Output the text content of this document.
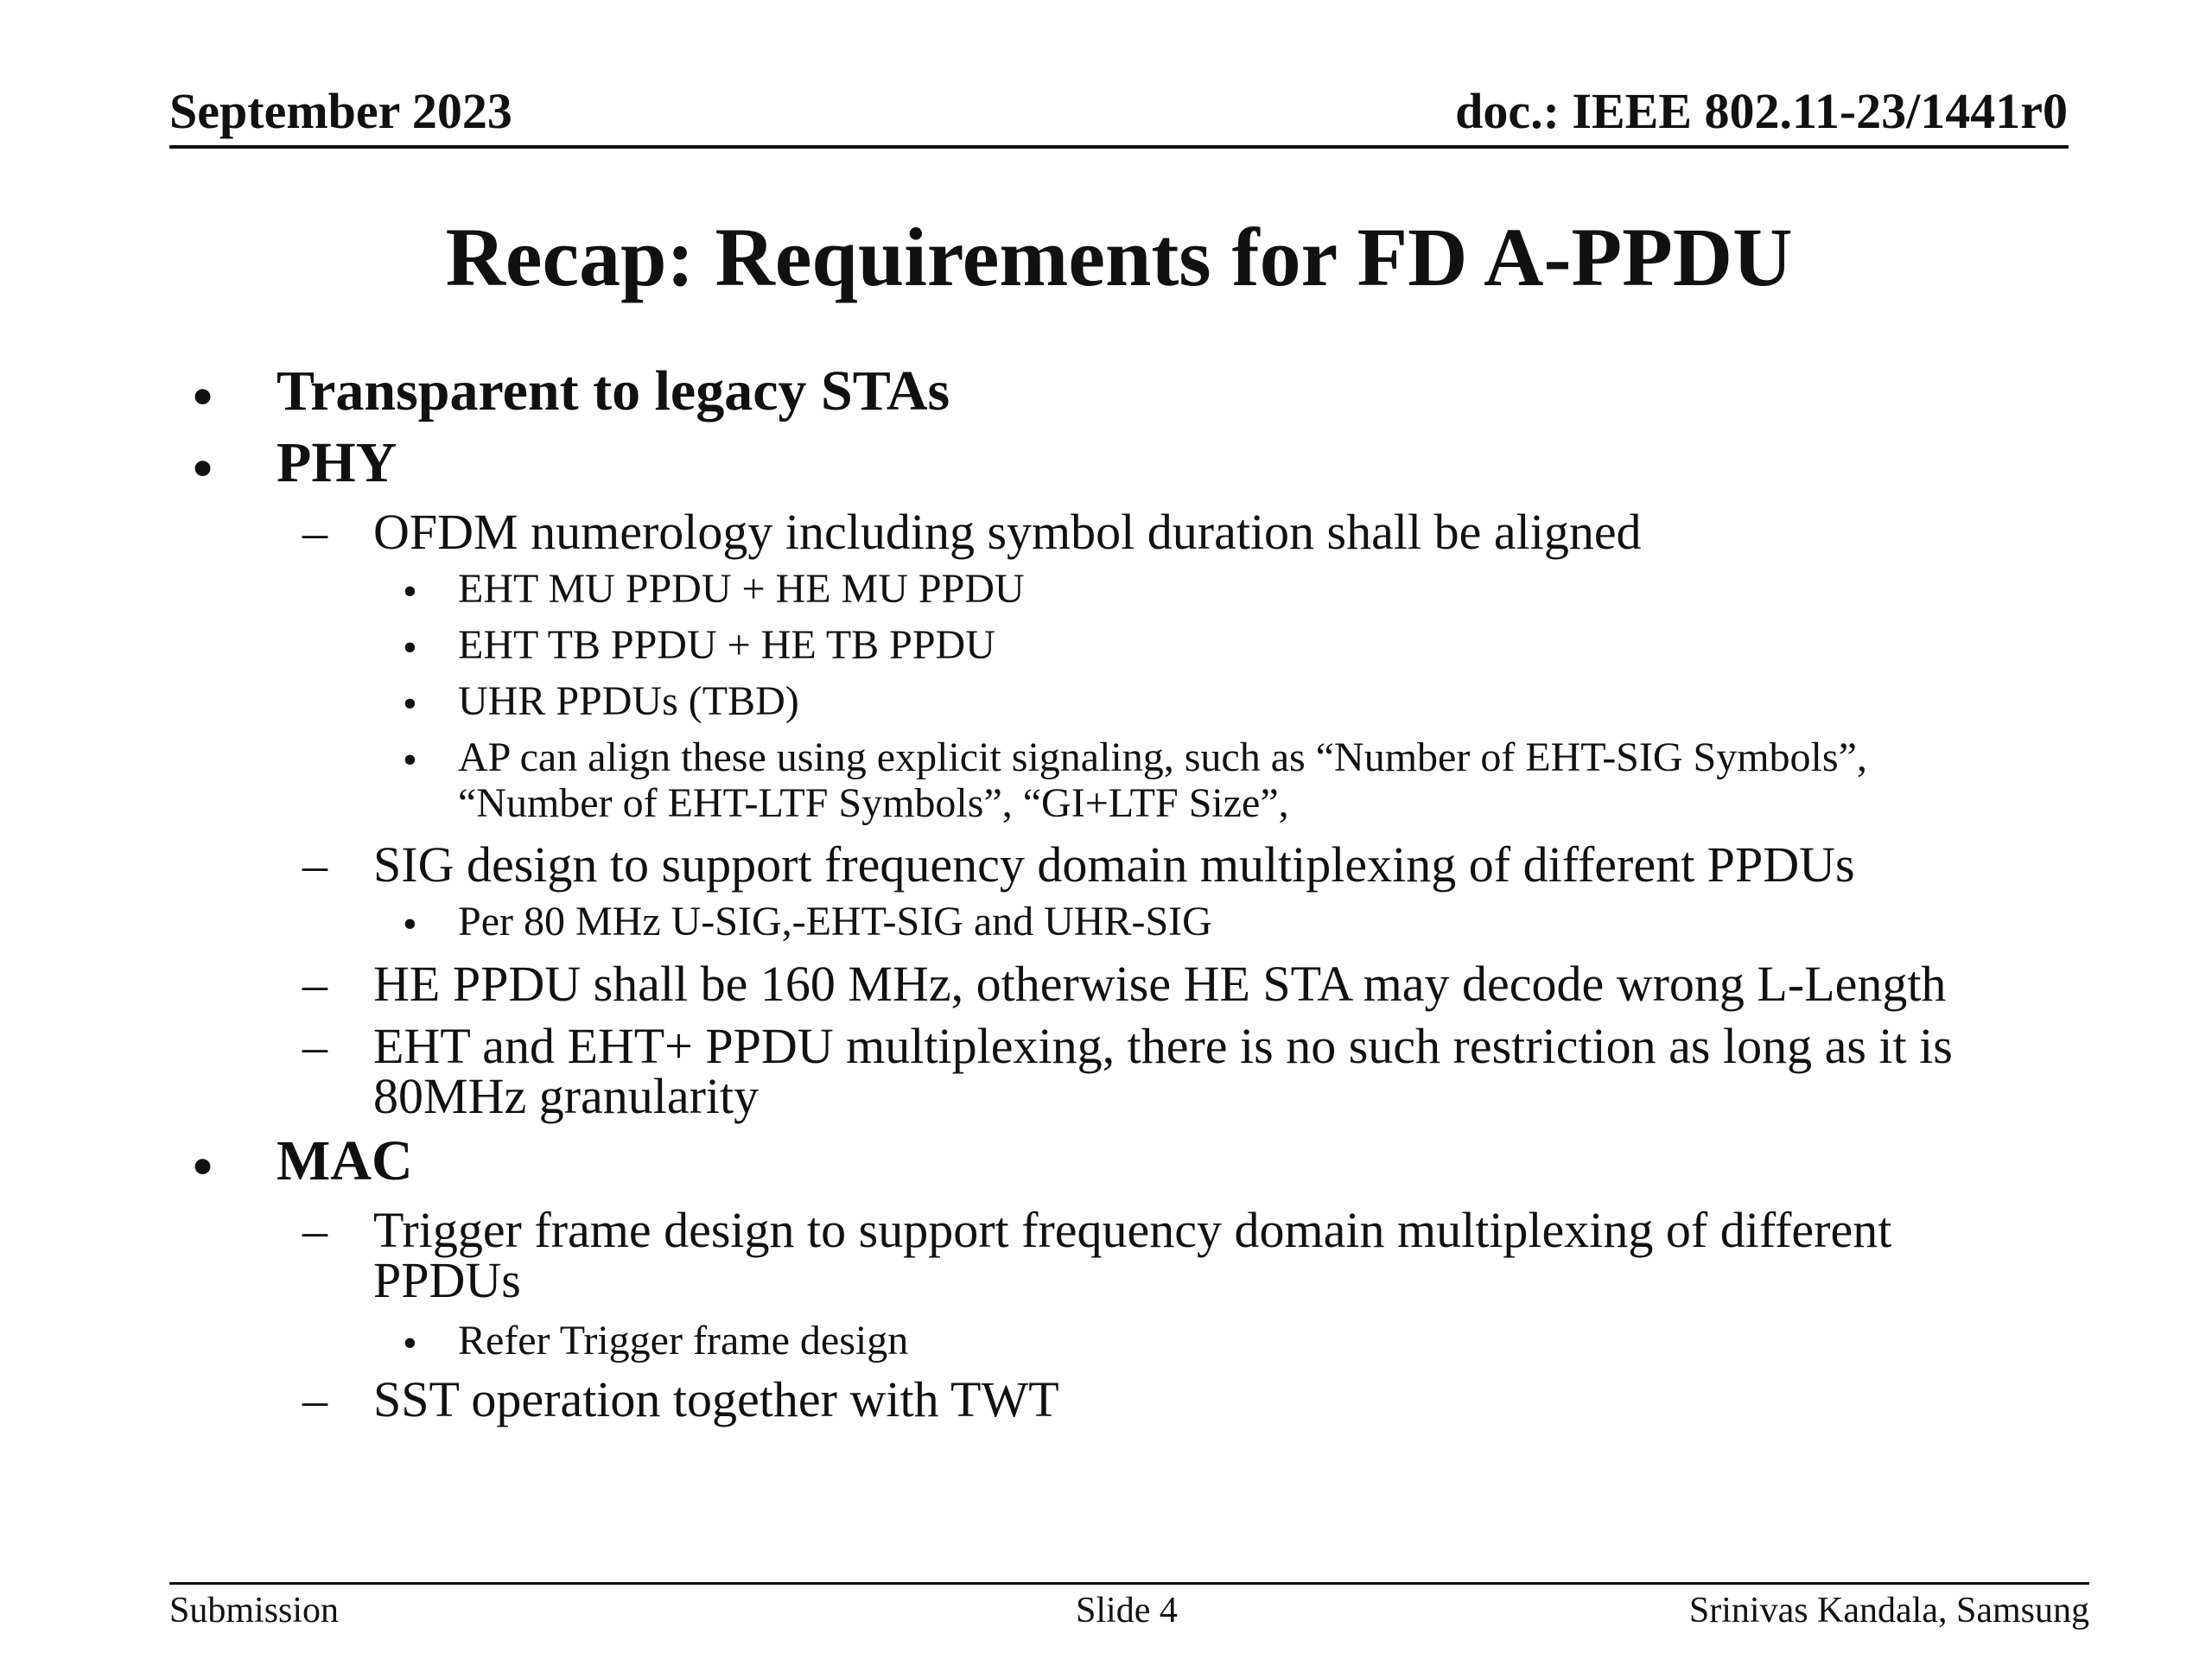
September 2023	doc.: IEEE 802.11-23/1441r0
Recap: Requirements for FD A-PPDU
• Transparent to legacy STAs
• PHY
– OFDM numerology including symbol duration shall be aligned
• EHT MU PPDU + HE MU PPDU
• EHT TB PPDU + HE TB PPDU
• UHR PPDUs (TBD)
• AP can align these using explicit signaling, such as “Number of EHT-SIG Symbols”,
“Number of EHT-LTF Symbols”, “GI+LTF Size”,
– SIG design to support frequency domain multiplexing of different PPDUs
• Per 80 MHz U-SIG,-EHT-SIG and UHR-SIG
– HE PPDU shall be 160 MHz, otherwise HE STA may decode wrong L-Length
– EHT and EHT+ PPDU multiplexing, there is no such restriction as long as it is
80MHz granularity
• MAC
– Trigger frame design to support frequency domain multiplexing of different
PPDUs
• Refer Trigger frame design
– SST operation together with TWT
Submission	Slide 4	Srinivas Kandala, Samsung
